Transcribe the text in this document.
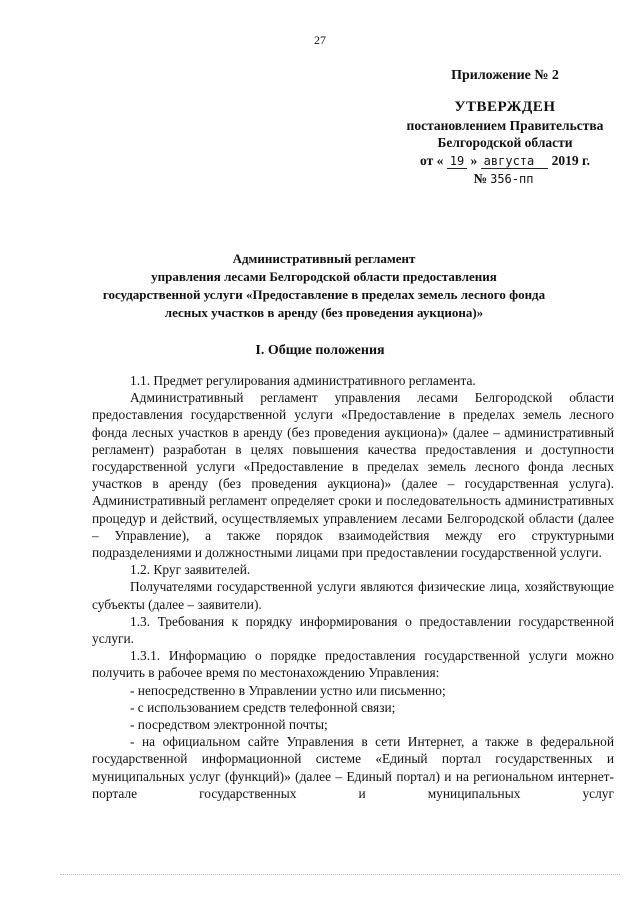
27
Приложение № 2
УТВЕРЖДЕН
постановлением Правительства
Белгородской области
от « 19 » августа 2019 г.
№ 356-пп
Административный регламент
управления лесами Белгородской области предоставления
государственной услуги «Предоставление в пределах земель лесного фонда
лесных участков в аренду (без проведения аукциона)»
I. Общие положения

1.1. Предмет регулирования административного регламента.

Административный регламент управления лесами Белгородской области предоставления государственной услуги «Предоставление в пределах земель лесного фонда лесных участков в аренду (без проведения аукциона)» (далее – административный регламент) разработан в целях повышения качества предоставления и доступности государственной услуги «Предоставление в пределах земель лесного фонда лесных участков в аренду (без проведения аукциона)» (далее – государственная услуга). Административный регламент определяет сроки и последовательность административных процедур и действий, осуществляемых управлением лесами Белгородской области (далее – Управление), а также порядок взаимодействия между его структурными подразделениями и должностными лицами при предоставлении государственной услуги.

1.2. Круг заявителей.

Получателями государственной услуги являются физические лица, хозяйствующие субъекты (далее – заявители).

1.3. Требования к порядку информирования о предоставлении государственной услуги.

1.3.1. Информацию о порядке предоставления государственной услуги можно получить в рабочее время по местонахождению Управления:

- непосредственно в Управлении устно или письменно;

- с использованием средств телефонной связи;

- посредством электронной почты;

- на официальном сайте Управления в сети Интернет, а также в федеральной государственной информационной системе «Единый портал государственных и муниципальных услуг (функций)» (далее – Единый портал) и на региональном интернет-портале государственных и муниципальных услуг
